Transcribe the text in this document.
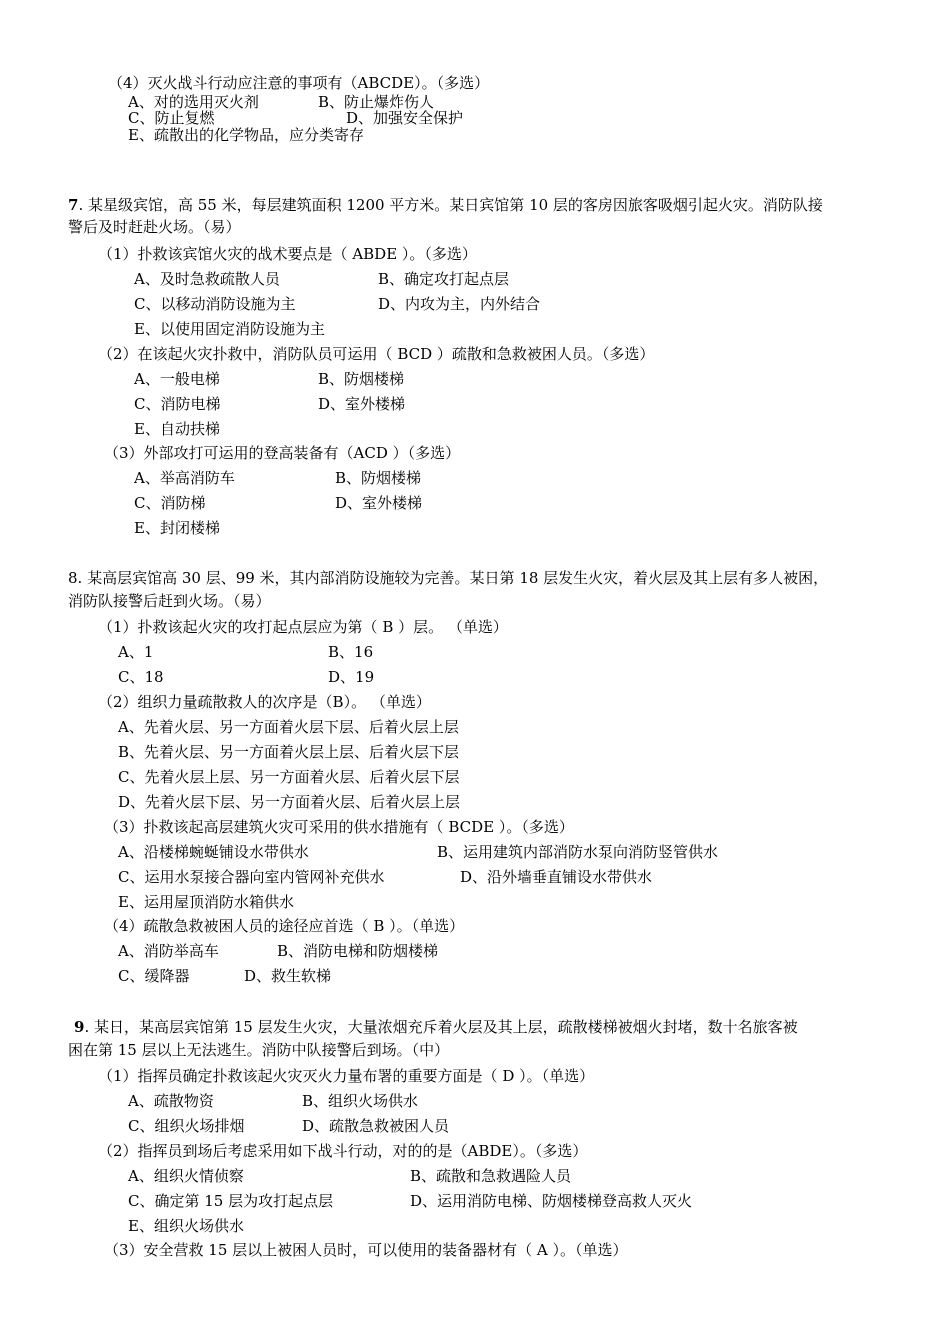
（4）灭火战斗行动应注意的事项有（ABCDE）。（多选）
A、对的选用灭火剂	B、防止爆炸伤人
C、防止复燃	D、加强安全保护
E、疏散出的化学物品，应分类寄存
7. 某星级宾馆，高 55 米，每层建筑面积 1200 平方米。某日宾馆第 10 层的客房因旅客吸烟引起火灾。消防队接
警后及时赶赴火场。（易）
（1）扑救该宾馆火灾的战术要点是（ ABDE ）。（多选）
A、及时急救疏散人员	B、确定攻打起点层
C、以移动消防设施为主	D、内攻为主，内外结合
E、以使用固定消防设施为主
（2）在该起火灾扑救中，消防队员可运用（ BCD ）疏散和急救被困人员。（多选）
A、一般电梯	B、防烟楼梯
C、消防电梯	D、室外楼梯
E、自动扶梯
（3）外部攻打可运用的登高装备有（ACD ）（多选）
A、举高消防车	B、防烟楼梯
C、消防梯	D、室外楼梯
E、封闭楼梯
8. 某高层宾馆高 30 层、99 米，其内部消防设施较为完善。某日第 18 层发生火灾，着火层及其上层有多人被困，
消防队接警后赶到火场。（易）
（1）扑救该起火灾的攻打起点层应为第（ B ）层。 （单选）
A、1	B、16
C、18	D、19
（2）组织力量疏散救人的次序是（B）。 （单选）
A、先着火层、另一方面着火层下层、后着火层上层
B、先着火层、另一方面着火层上层、后着火层下层
C、先着火层上层、另一方面着火层、后着火层下层
D、先着火层下层、另一方面着火层、后着火层上层
（3）扑救该起高层建筑火灾可采用的供水措施有（ BCDE ）。（多选）
A、沿楼梯蜿蜒铺设水带供水	B、运用建筑内部消防水泵向消防竖管供水
C、运用水泵接合器向室内管网补充供水	D、沿外墙垂直铺设水带供水
E、运用屋顶消防水箱供水
（4）疏散急救被困人员的途径应首选（ B ）。（单选）
A、消防举高车	B、消防电梯和防烟楼梯
C、缓降器	D、救生软梯
9. 某日，某高层宾馆第 15 层发生火灾，大量浓烟充斥着火层及其上层，疏散楼梯被烟火封堵，数十名旅客被
困在第 15 层以上无法逃生。消防中队接警后到场。（中）
（1）指挥员确定扑救该起火灾灭火力量布署的重要方面是（ D ）。（单选）
A、疏散物资	B、组织火场供水
C、组织火场排烟	D、疏散急救被困人员
（2）指挥员到场后考虑采用如下战斗行动，对的的是（ABDE）。（多选）
A、组织火情侦察	B、疏散和急救遇险人员
C、确定第 15 层为攻打起点层	D、运用消防电梯、防烟楼梯登高救人灭火
E、组织火场供水
（3）安全营救 15 层以上被困人员时，可以使用的装备器材有（ A ）。（单选）
